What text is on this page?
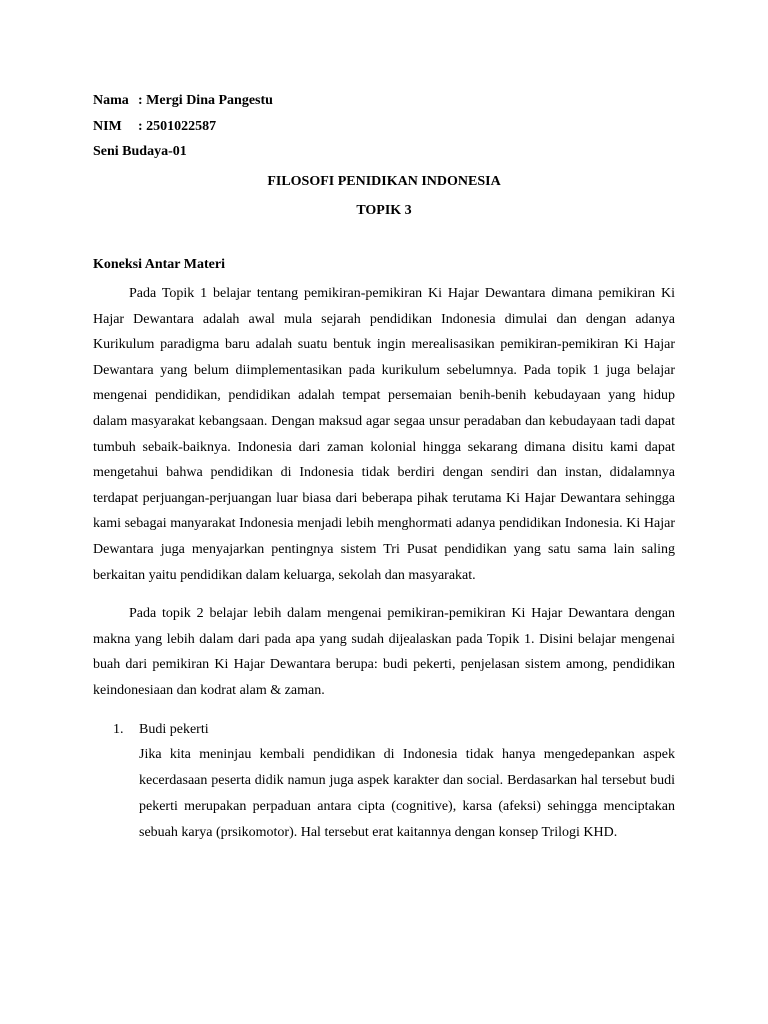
Nama : Mergi Dina Pangestu
NIM	: 2501022587
Seni Budaya-01
FILOSOFI PENIDIKAN INDONESIA
TOPIK 3
Koneksi Antar Materi

Pada Topik 1 belajar tentang pemikiran-pemikiran Ki Hajar Dewantara dimana pemikiran Ki Hajar Dewantara adalah awal mula sejarah pendidikan Indonesia dimulai dan dengan adanya Kurikulum paradigma baru adalah suatu bentuk ingin merealisasikan pemikiran-pemikiran Ki Hajar Dewantara yang belum diimplementasikan pada kurikulum sebelumnya. Pada topik 1 juga belajar mengenai pendidikan, pendidikan adalah tempat persemaian benih-benih kebudayaan yang hidup dalam masyarakat kebangsaan. Dengan maksud agar segaa unsur peradaban dan kebudayaan tadi dapat tumbuh sebaik-baiknya. Indonesia dari zaman kolonial hingga sekarang dimana disitu kami dapat mengetahui bahwa pendidikan di Indonesia tidak berdiri dengan sendiri dan instan, didalamnya terdapat perjuangan-perjuangan luar biasa dari beberapa pihak terutama Ki Hajar Dewantara sehingga kami sebagai manyarakat Indonesia menjadi lebih menghormati adanya pendidikan Indonesia. Ki Hajar Dewantara juga menyajarkan pentingnya sistem Tri Pusat pendidikan yang satu sama lain saling berkaitan yaitu pendidikan dalam keluarga, sekolah dan masyarakat.

Pada topik 2 belajar lebih dalam mengenai pemikiran-pemikiran Ki Hajar Dewantara dengan makna yang lebih dalam dari pada apa yang sudah dijealaskan pada Topik 1. Disini belajar mengenai buah dari pemikiran Ki Hajar Dewantara berupa: budi pekerti, penjelasan sistem among, pendidikan keindonesiaan dan kodrat alam & zaman.

1. Budi pekerti
Jika kita meninjau kembali pendidikan di Indonesia tidak hanya mengedepankan aspek kecerdasaan peserta didik namun juga aspek karakter dan social. Berdasarkan hal tersebut budi pekerti merupakan perpaduan antara cipta (cognitive), karsa (afeksi) sehingga menciptakan sebuah karya (prsikomotor). Hal tersebut erat kaitannya dengan konsep Trilogi KHD.
